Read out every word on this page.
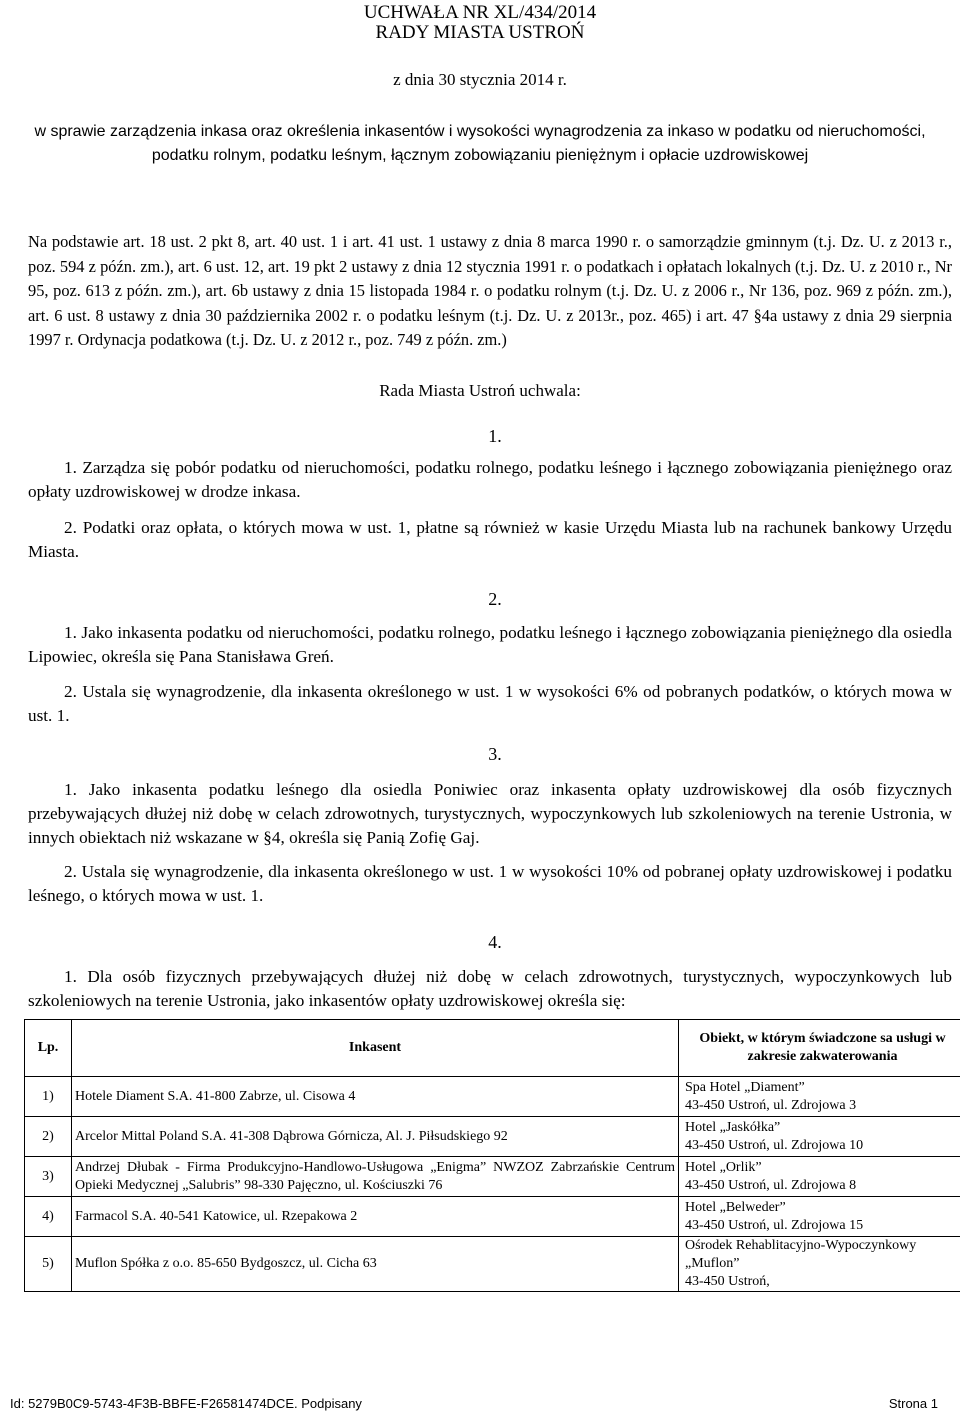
UCHWAŁA NR XL/434/2014
RADY MIASTA USTROŃ
z dnia 30 stycznia 2014 r.
w sprawie zarządzenia inkasa oraz określenia inkasentów i wysokości wynagrodzenia za inkaso w podatku od nieruchomości, podatku rolnym, podatku leśnym, łącznym zobowiązaniu pieniężnym i opłacie uzdrowiskowej
Na podstawie art. 18 ust. 2 pkt 8, art. 40 ust. 1 i art. 41 ust. 1 ustawy z dnia 8 marca 1990 r. o samorządzie gminnym (t.j. Dz. U. z 2013 r., poz. 594 z późn. zm.), art. 6 ust. 12, art. 19 pkt 2 ustawy z dnia 12 stycznia 1991 r. o podatkach i opłatach lokalnych (t.j. Dz. U. z 2010 r., Nr 95, poz. 613 z późn. zm.), art. 6b ustawy z dnia 15 listopada 1984 r. o podatku rolnym (t.j. Dz. U. z 2006 r., Nr 136, poz. 969 z późn. zm.), art. 6 ust. 8 ustawy z dnia 30 października 2002 r. o podatku leśnym (t.j. Dz. U. z 2013r., poz. 465) i art. 47 §4a ustawy z dnia 29 sierpnia 1997 r. Ordynacja podatkowa (t.j. Dz. U. z 2012 r., poz. 749 z późn. zm.)
Rada Miasta Ustroń uchwala:
1.
1. Zarządza się pobór podatku od nieruchomości, podatku rolnego, podatku leśnego i łącznego zobowiązania pieniężnego oraz opłaty uzdrowiskowej w drodze inkasa.
2. Podatki oraz opłata, o których mowa w ust. 1, płatne są również w kasie Urzędu Miasta lub na rachunek bankowy Urzędu Miasta.
2.
1. Jako inkasenta podatku od nieruchomości, podatku rolnego, podatku leśnego i łącznego zobowiązania pieniężnego dla osiedla Lipowiec, określa się Pana Stanisława Greń.
2. Ustala się wynagrodzenie, dla inkasenta określonego w ust. 1 w wysokości 6% od pobranych podatków, o których mowa w ust. 1.
3.
1. Jako inkasenta podatku leśnego dla osiedla Poniwiec oraz inkasenta opłaty uzdrowiskowej dla osób fizycznych przebywających dłużej niż dobę w celach zdrowotnych, turystycznych, wypoczynkowych lub szkoleniowych na terenie Ustronia, w innych obiektach niż wskazane w §4, określa się Panią Zofię Gaj.
2. Ustala się wynagrodzenie, dla inkasenta określonego w ust. 1 w wysokości 10% od pobranej opłaty uzdrowiskowej i podatku leśnego, o których mowa w ust. 1.
4.
1. Dla osób fizycznych przebywających dłużej niż dobę w celach zdrowotnych, turystycznych, wypoczynkowych lub szkoleniowych na terenie Ustronia, jako inkasentów opłaty uzdrowiskowej określa się:
Lp.	Inkasent	Obiekt, w którym świadczone sa usługi w zakresie zakwaterowania
1)	Hotele Diament S.A. 41-800 Zabrze, ul. Cisowa 4	Spa Hotel „Diament”
43-450 Ustroń, ul. Zdrojowa 3

2)	Arcelor Mittal Poland S.A. 41-308 Dąbrowa Górnicza, Al. J. Piłsudskiego 92	Hotel „Jaskółka”
43-450 Ustroń, ul. Zdrojowa 10

3)	Andrzej Dłubak - Firma Produkcyjno-Handlowo-Usługowa „Enigma” NWZOZ Zabrzańskie Centrum Opieki Medycznej „Salubris” 98-330 Pajęczno, ul. Kościuszki 76	Hotel „Orlik”
43-450 Ustroń, ul. Zdrojowa 8

4)	Farmacol S.A. 40-541 Katowice, ul. Rzepakowa 2	Hotel „Belweder”
43-450 Ustroń, ul. Zdrojowa 15

5)	Muflon Spółka z o.o. 85-650 Bydgoszcz, ul. Cicha 63	Ośrodek Rehablitacyjno-Wypoczynkowy „Muflon”
43-450 Ustroń,
Id: 5279B0C9-5743-4F3B-BBFE-F26581474DCE. Podpisany	Strona 1
